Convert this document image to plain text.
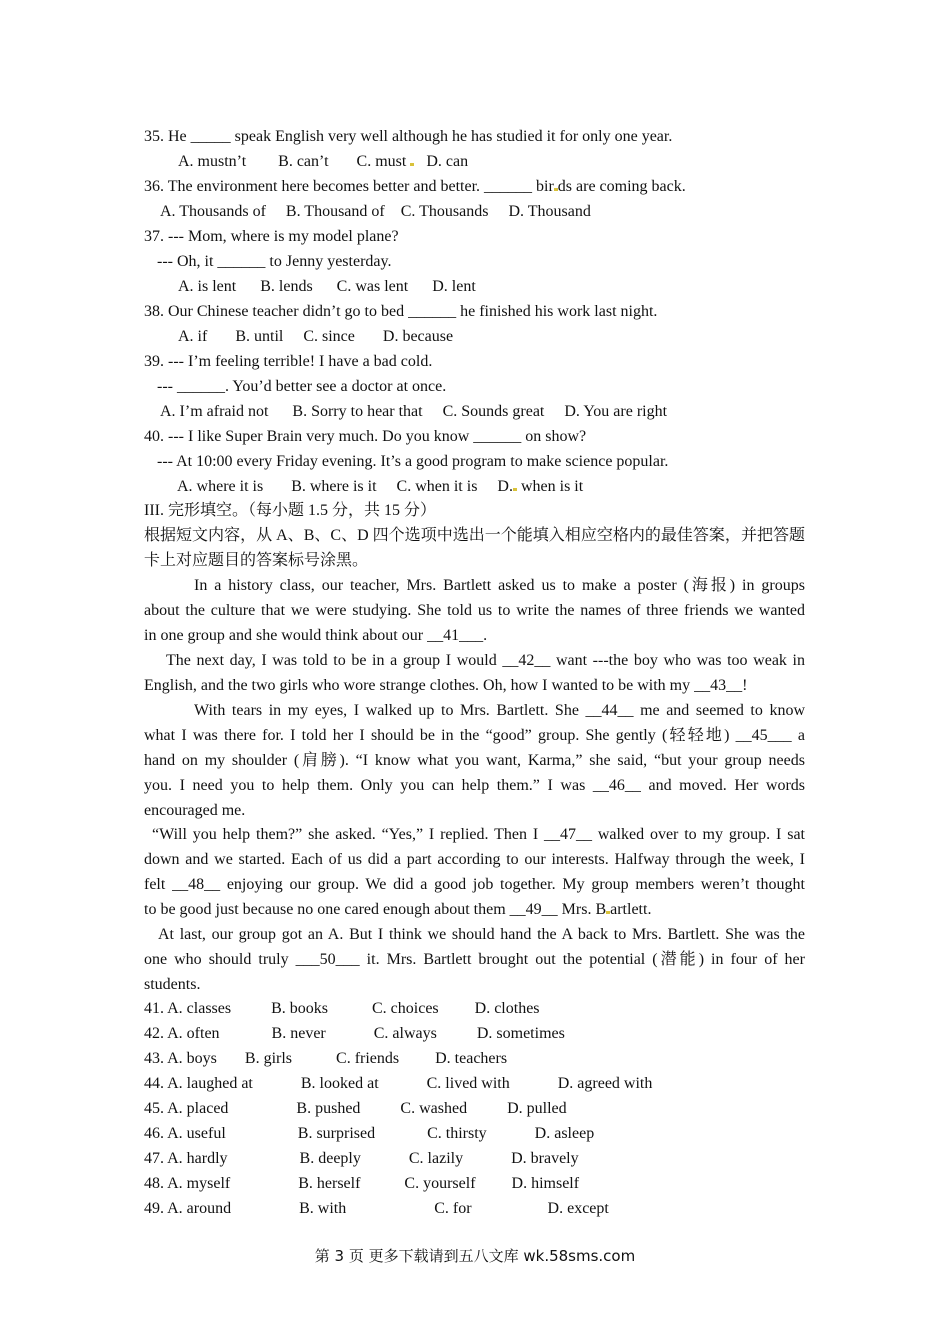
35. He _____ speak English very well although he has studied it for only one year.
A. mustn’t        B. can’t       C. must D. can
36. The environment here becomes better and better. ______ bir ds are coming back.
A. Thousands of     B. Thousand of    C. Thousands     D. Thousand
37. --- Mom, where is my model plane?
--- Oh, it ______ to Jenny yesterday.
A. is lent      B. lends      C. was lent      D. lent
38. Our Chinese teacher didn’t go to bed ______ he finished his work last night.
A. if       B. until     C. since       D. because
39. --- I’m feeling terrible! I have a bad cold.
--- ______. You’d better see a doctor at once.
A. I’m afraid not      B. Sorry to hear that     C. Sounds great     D. You are right
40. --- I like Super Brain very much. Do you know ______ on show?
--- At 10:00 every Friday evening. It’s a good program to make science popular.
A. where it is       B. where is it     C. when it is     D. when is it
III. 完形填空。（每小题 1.5 分，共 15 分）
根据短文内容，从 A、B、C、D 四个选项中选出一个能填入相应空格内的最佳答案，并把答题
卡上对应题目的答案标号涂黑。
In a history class, our teacher, Mrs. Bartlett asked us to make a poster (海报) in groups
about the culture that we were studying. She told us to write the names of three friends we wanted
in one group and she would think about our __41___.
The next day, I was told to be in a group I would __42__ want ---the boy who was too weak in
English, and the two girls who wore strange clothes. Oh, how I wanted to be with my __43__!
With tears in my eyes, I walked up to Mrs. Bartlett. She __44__ me and seemed to know
what I was there for. I told her I should be in the “good” group. She gently (轻轻地) __45___ a
hand on my shoulder (肩膀). “I know what you want, Karma,” she said, “but your group needs
you. I need you to help them. Only you can help them.” I was __46__ and moved. Her words
encouraged me.
“Will you help them?” she asked. “Yes,” I replied. Then I __47__ walked over to my group. I sat
down and we started. Each of us did a part according to our interests. Halfway through the week, I
felt __48__ enjoying our group. We did a good job together. My group members weren’t thought
to be good just because no one cared enough about them __49__ Mrs. B artlett.
At last, our group got an A. But I think we should hand the A back to Mrs. Bartlett. She was the
one who should truly ___50___ it. Mrs. Bartlett brought out the potential (潜能) in four of her
students.
41. A. classes          B. books           C. choices         D. clothes
42. A. often             B. never            C. always          D. sometimes
43. A. boys       B. girls           C. friends         D. teachers
44. A. laughed at            B. looked at            C. lived with            D. agreed with
45. A. placed                 B. pushed          C. washed          D. pulled
46. A. useful                  B. surprised             C. thirsty            D. asleep
47. A. hardly                  B. deeply            C. lazily            D. bravely
48. A. myself                 B. herself           C. yourself         D. himself
49. A. around                 B. with                      C. for                   D. except
第 3 页 更多下载请到五八文库 wk.58sms.com
